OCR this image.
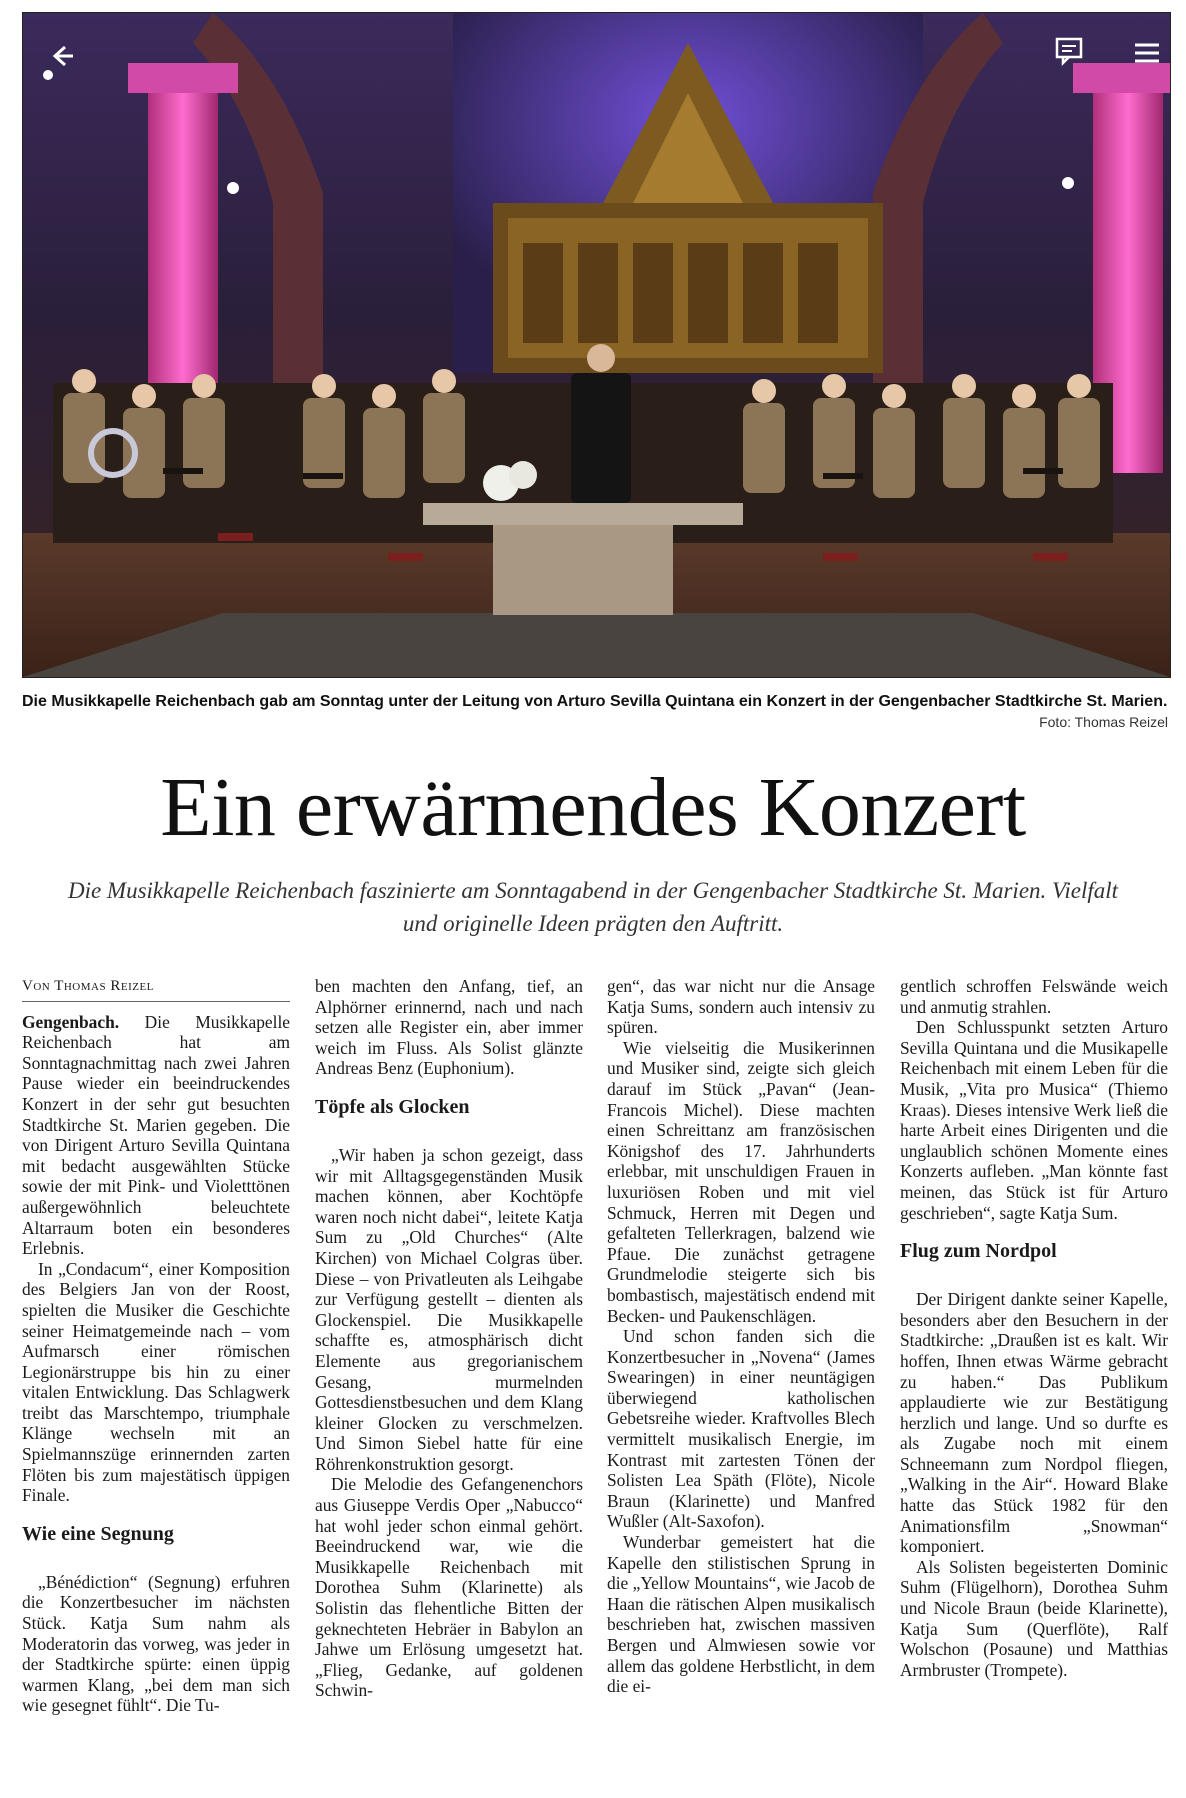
Die Musikkapelle Reichenbach gab am Sonntag unter der Leitung von Arturo Sevilla Quintana ein Konzert in der Gengenbacher Stadtkirche St. Marien.
Foto: Thomas Reizel
Ein erwärmendes Konzert
Die Musikkapelle Reichenbach faszinierte am Sonntagabend in der Gengenbacher Stadtkirche St. Marien. Vielfalt und originelle Ideen prägten den Auftritt.
Von Thomas Reizel

Gengenbach. Die Musikkapelle Reichenbach hat am Sonntagnachmittag nach zwei Jahren Pause wieder ein beeindruckendes Konzert in der sehr gut besuchten Stadtkirche St. Marien gegeben. Die von Dirigent Arturo Sevilla Quintana mit bedacht ausgewählten Stücke sowie der mit Pink- und Violetttönen außergewöhnlich beleuchtete Altarraum boten ein besonderes Erlebnis.

In „Condacum“, einer Komposition des Belgiers Jan von der Roost, spielten die Musiker die Geschichte seiner Heimatgemeinde nach – vom Aufmarsch einer römischen Legionärstruppe bis hin zu einer vitalen Entwicklung. Das Schlagwerk treibt das Marschtempo, triumphale Klänge wechseln mit an Spielmannszüge erinnernden zarten Flöten bis zum majestätisch üppigen Finale.

Wie eine Segnung

„Bénédiction“ (Segnung) erfuhren die Konzertbesucher im nächsten Stück. Katja Sum nahm als Moderatorin das vorweg, was jeder in der Stadtkirche spürte: einen üppig warmen Klang, „bei dem man sich wie gesegnet fühlt“. Die Tu-

ben machten den Anfang, tief, an Alphörner erinnernd, nach und nach setzen alle Register ein, aber immer weich im Fluss. Als Solist glänzte Andreas Benz (Euphonium).

Töpfe als Glocken

„Wir haben ja schon gezeigt, dass wir mit Alltagsgegenständen Musik machen können, aber Kochtöpfe waren noch nicht dabei“, leitete Katja Sum zu „Old Churches“ (Alte Kirchen) von Michael Colgras über. Diese – von Privatleuten als Leihgabe zur Verfügung gestellt – dienten als Glockenspiel. Die Musikkapelle schaffte es, atmosphärisch dicht Elemente aus gregorianischem Gesang, murmelnden Gottesdienstbesuchen und dem Klang kleiner Glocken zu verschmelzen. Und Simon Siebel hatte für eine Röhrenkonstruktion gesorgt.

Die Melodie des Gefangenenchors aus Giuseppe Verdis Oper „Nabucco“ hat wohl jeder schon einmal gehört. Beeindruckend war, wie die Musikkapelle Reichenbach mit Dorothea Suhm (Klarinette) als Solistin das flehentliche Bitten der geknechteten Hebräer in Babylon an Jahwe um Erlösung umgesetzt hat. „Flieg, Gedanke, auf goldenen Schwin-

gen“, das war nicht nur die Ansage Katja Sums, sondern auch intensiv zu spüren.

Wie vielseitig die Musikerinnen und Musiker sind, zeigte sich gleich darauf im Stück „Pavan“ (Jean-Francois Michel). Diese machten einen Schreittanz am französischen Königshof des 17. Jahrhunderts erlebbar, mit unschuldigen Frauen in luxuriösen Roben und mit viel Schmuck, Herren mit Degen und gefalteten Tellerkragen, balzend wie Pfaue. Die zunächst getragene Grundmelodie steigerte sich bis bombastisch, majestätisch endend mit Becken- und Paukenschlägen.

Und schon fanden sich die Konzertbesucher in „Novena“ (James Swearingen) in einer neuntägigen überwiegend katholischen Gebetsreihe wieder. Kraftvolles Blech vermittelt musikalisch Energie, im Kontrast mit zartesten Tönen der Solisten Lea Späth (Flöte), Nicole Braun (Klarinette) und Manfred Wußler (Alt-Saxofon).

Wunderbar gemeistert hat die Kapelle den stilistischen Sprung in die „Yellow Mountains“, wie Jacob de Haan die rätischen Alpen musikalisch beschrieben hat, zwischen massiven Bergen und Almwiesen sowie vor allem das goldene Herbstlicht, in dem die ei-

gentlich schroffen Felswände weich und anmutig strahlen.

Den Schlusspunkt setzten Arturo Sevilla Quintana und die Musikapelle Reichenbach mit einem Leben für die Musik, „Vita pro Musica“ (Thiemo Kraas). Dieses intensive Werk ließ die harte Arbeit eines Dirigenten und die unglaublich schönen Momente eines Konzerts aufleben. „Man könnte fast meinen, das Stück ist für Arturo geschrieben“, sagte Katja Sum.

Flug zum Nordpol

Der Dirigent dankte seiner Kapelle, besonders aber den Besuchern in der Stadtkirche: „Draußen ist es kalt. Wir hoffen, Ihnen etwas Wärme gebracht zu haben.“ Das Publikum applaudierte wie zur Bestätigung herzlich und lange. Und so durfte es als Zugabe noch mit einem Schneemann zum Nordpol fliegen, „Walking in the Air“. Howard Blake hatte das Stück 1982 für den Animationsfilm „Snowman“ komponiert.

Als Solisten begeisterten Dominic Suhm (Flügelhorn), Dorothea Suhm und Nicole Braun (beide Klarinette), Katja Sum (Querflöte), Ralf Wolschon (Posaune) und Matthias Armbruster (Trompete).
